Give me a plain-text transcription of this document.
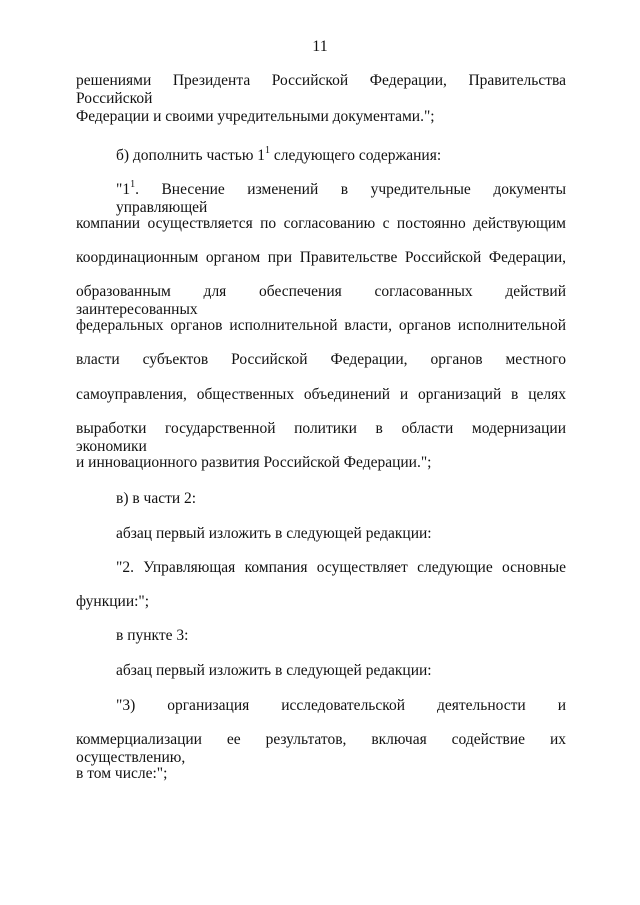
11
решениями Президента Российской Федерации, Правительства Российской
Федерации и своими учредительными документами.";
б) дополнить частью $1^1$ следующего содержания:
"$1^1$. Внесение изменений в учредительные документы управляющей
компании осуществляется по согласованию с постоянно действующим
координационным органом при Правительстве Российской Федерации,
образованным для обеспечения согласованных действий заинтересованных
федеральных органов исполнительной власти, органов исполнительной
власти субъектов Российской Федерации, органов местного
самоуправления, общественных объединений и организаций в целях
выработки государственной политики в области модернизации экономики
и инновационного развития Российской Федерации.";
в) в части 2:
абзац первый изложить в следующей редакции:
"2. Управляющая компания осуществляет следующие основные
функции:";
в пункте 3:
абзац первый изложить в следующей редакции:
"3) организация исследовательской деятельности и
коммерциализации ее результатов, включая содействие их осуществлению,
в том числе:";
